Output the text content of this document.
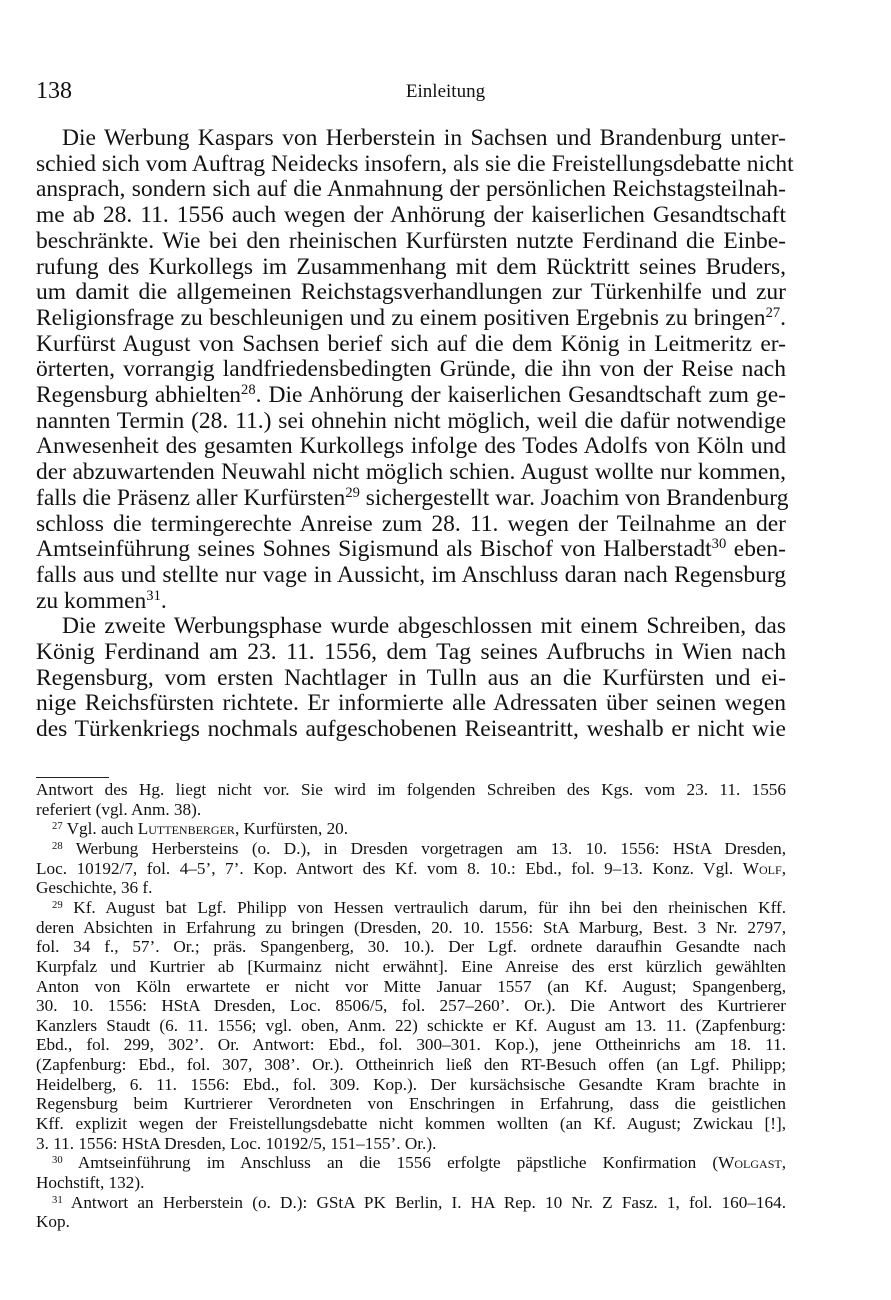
138	Einleitung
Die Werbung Kaspars von Herberstein in Sachsen und Brandenburg unter-
schied sich vom Auftrag Neidecks insofern, als sie die Freistellungsdebatte nicht
ansprach, sondern sich auf die Anmahnung der persönlichen Reichstagsteilnah-
me ab 28. 11. 1556 auch wegen der Anhörung der kaiserlichen Gesandtschaft
beschränkte. Wie bei den rheinischen Kurfürsten nutzte Ferdinand die Einbe-
rufung des Kurkollegs im Zusammenhang mit dem Rücktritt seines Bruders,
um damit die allgemeinen Reichstagsverhandlungen zur Türkenhilfe und zur
Religionsfrage zu beschleunigen und zu einem positiven Ergebnis zu bringen$^{27}$.
Kurfürst August von Sachsen berief sich auf die dem König in Leitmeritz er-
örterten, vorrangig landfriedensbedingten Gründe, die ihn von der Reise nach
Regensburg abhielten$^{28}$. Die Anhörung der kaiserlichen Gesandtschaft zum ge-
nannten Termin (28. 11.) sei ohnehin nicht möglich, weil die dafür notwendige
Anwesenheit des gesamten Kurkollegs infolge des Todes Adolfs von Köln und
der abzuwartenden Neuwahl nicht möglich schien. August wollte nur kommen,
falls die Präsenz aller Kurfürsten$^{29}$ sichergestellt war. Joachim von Brandenburg
schloss die termingerechte Anreise zum 28. 11. wegen der Teilnahme an der
Amtseinführung seines Sohnes Sigismund als Bischof von Halberstadt$^{30}$ eben-
falls aus und stellte nur vage in Aussicht, im Anschluss daran nach Regensburg
zu kommen$^{31}$.
Die zweite Werbungsphase wurde abgeschlossen mit einem Schreiben, das
König Ferdinand am 23. 11. 1556, dem Tag seines Aufbruchs in Wien nach
Regensburg, vom ersten Nachtlager in Tulln aus an die Kurfürsten und ei-
nige Reichsfürsten richtete. Er informierte alle Adressaten über seinen wegen
des Türkenkriegs nochmals aufgeschobenen Reiseantritt, weshalb er nicht wie
Antwort des Hg. liegt nicht vor. Sie wird im folgenden Schreiben des Kgs. vom 23. 11. 1556
referiert (vgl. Anm. 38).
$^{27}$ Vgl. auch Luttenberger, Kurfürsten, 20.
$^{28}$ Werbung Herbersteins (o. D.), in Dresden vorgetragen am 13. 10. 1556: HStA Dresden,
Loc. 10192/7, fol. 4–5’, 7’. Kop. Antwort des Kf. vom 8. 10.: Ebd., fol. 9–13. Konz. Vgl. Wolf,
Geschichte, 36 f.
$^{29}$ Kf. August bat Lgf. Philipp von Hessen vertraulich darum, für ihn bei den rheinischen Kff.
deren Absichten in Erfahrung zu bringen (Dresden, 20. 10. 1556: StA Marburg, Best. 3 Nr. 2797,
fol. 34 f., 57’. Or.; präs. Spangenberg, 30. 10.). Der Lgf. ordnete daraufhin Gesandte nach
Kurpfalz und Kurtrier ab [Kurmainz nicht erwähnt]. Eine Anreise des erst kürzlich gewählten
Anton von Köln erwartete er nicht vor Mitte Januar 1557 (an Kf. August; Spangenberg,
30. 10. 1556: HStA Dresden, Loc. 8506/5, fol. 257–260’. Or.). Die Antwort des Kurtrierer
Kanzlers Staudt (6. 11. 1556; vgl. oben, Anm. 22) schickte er Kf. August am 13. 11. (Zapfenburg:
Ebd., fol. 299, 302’. Or. Antwort: Ebd., fol. 300–301. Kop.), jene Ottheinrichs am 18. 11.
(Zapfenburg: Ebd., fol. 307, 308’. Or.). Ottheinrich ließ den RT-Besuch offen (an Lgf. Philipp;
Heidelberg, 6. 11. 1556: Ebd., fol. 309. Kop.). Der kursächsische Gesandte Kram brachte in
Regensburg beim Kurtrierer Verordneten von Enschringen in Erfahrung, dass die geistlichen
Kff. explizit wegen der Freistellungsdebatte nicht kommen wollten (an Kf. August; Zwickau [!],
3. 11. 1556: HStA Dresden, Loc. 10192/5, 151–155’. Or.).
$^{30}$ Amtseinführung im Anschluss an die 1556 erfolgte päpstliche Konfirmation (Wolgast,
Hochstift, 132).
$^{31}$ Antwort an Herberstein (o. D.): GStA PK Berlin, I. HA Rep. 10 Nr. Z Fasz. 1, fol. 160–164.
Kop.
